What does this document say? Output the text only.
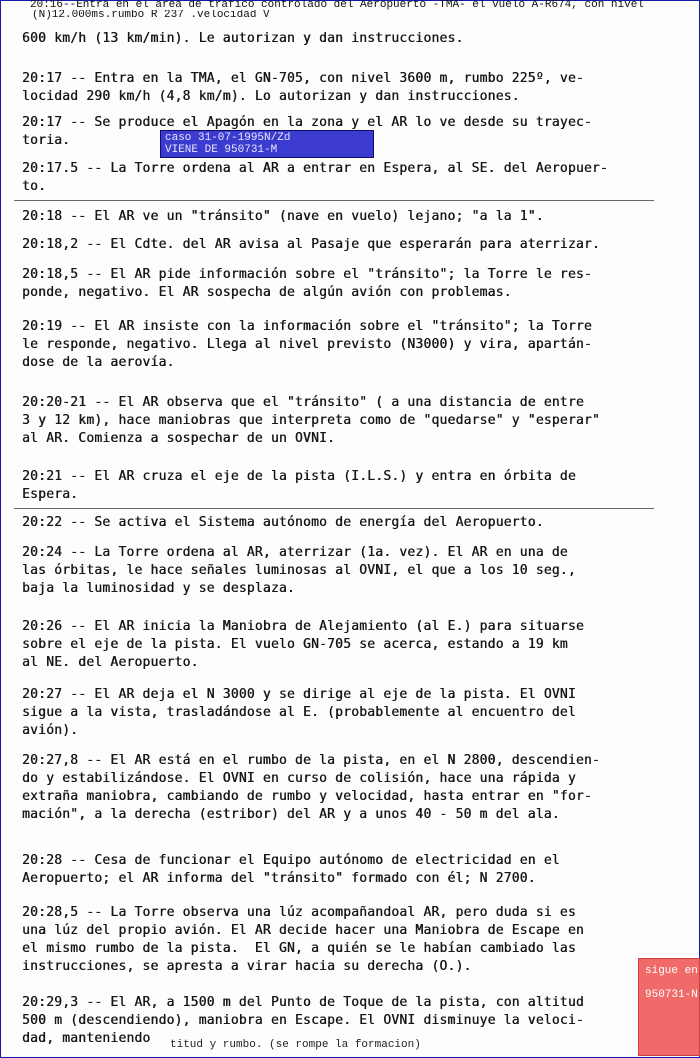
20:16--Entra en el area de trafico controlado del Aeropuerto -TMA- el vuelo A-R674, con nivel
(N)12.000ms.rumbo R 237 .velocidad V
600 km/h (13 km/min). Le autorizan y dan instrucciones.
20:17 -- Entra en la TMA, el GN-705, con nivel 3600 m, rumbo 225º, ve-
locidad 290 km/h (4,8 km/m). Lo autorizan y dan instrucciones.
20:17 -- Se produce el Apagón en la zona y el AR lo ve desde su trayec-
toria.
20:17.5 -- La Torre ordena al AR a entrar en Espera, al SE. del Aeropuer-
to.
20:18 -- El AR ve un "tránsito" (nave en vuelo) lejano; "a la 1".
20:18,2 -- El Cdte. del AR avisa al Pasaje que esperarán para aterrizar.
20:18,5 -- El AR pide información sobre el "tránsito"; la Torre le res-
ponde, negativo. El AR sospecha de algún avión con problemas.
20:19 -- El AR insiste con la información sobre el "tránsito"; la Torre
le responde, negativo. Llega al nivel previsto (N3000) y vira, apartán-
dose de la aerovía.
20:20-21 -- El AR observa que el "tránsito" ( a una distancia de entre
3 y 12 km), hace maniobras que interpreta como de "quedarse" y "esperar"
al AR. Comienza a sospechar de un OVNI.
20:21 -- El AR cruza el eje de la pista (I.L.S.) y entra en órbita de
Espera.
20:22 -- Se activa el Sistema autónomo de energía del Aeropuerto.
20:24 -- La Torre ordena al AR, aterrizar (1a. vez). El AR en una de
las órbitas, le hace señales luminosas al OVNI, el que a los 10 seg.,
baja la luminosidad y se desplaza.
20:26 -- El AR inicia la Maniobra de Alejamiento (al E.) para situarse
sobre el eje de la pista. El vuelo GN-705 se acerca, estando a 19 km
al NE. del Aeropuerto.
20:27 -- El AR deja el N 3000 y se dirige al eje de la pista. El OVNI
sigue a la vista, trasladándose al E. (probablemente al encuentro del
avión).
20:27,8 -- El AR está en el rumbo de la pista, en el N 2800, descendien-
do y estabilizándose. El OVNI en curso de colisión, hace una rápida y
extraña maniobra, cambiando de rumbo y velocidad, hasta entrar en "for-
mación", a la derecha (estribor) del AR y a unos 40 - 50 m del ala.
20:28 -- Cesa de funcionar el Equipo autónomo de electricidad en el
Aeropuerto; el AR informa del "tránsito" formado con él; N 2700.
20:28,5 -- La Torre observa una lúz acompañandoal AR, pero duda si es
una lúz del propio avión. El AR decide hacer una Maniobra de Escape en
el mismo rumbo de la pista.  El GN, a quién se le habían cambiado las
instrucciones, se apresta a virar hacia su derecha (O.).
20:29,3 -- El AR, a 1500 m del Punto de Toque de la pista, con altitud
500 m (descendiendo), maniobra en Escape. El OVNI disminuye la veloci-
dad, manteniendo
caso 31-07-1995N/Zd
VIENE DE 950731-M
titud y rumbo. (se rompe la formacion)
sigue en
950731-N
